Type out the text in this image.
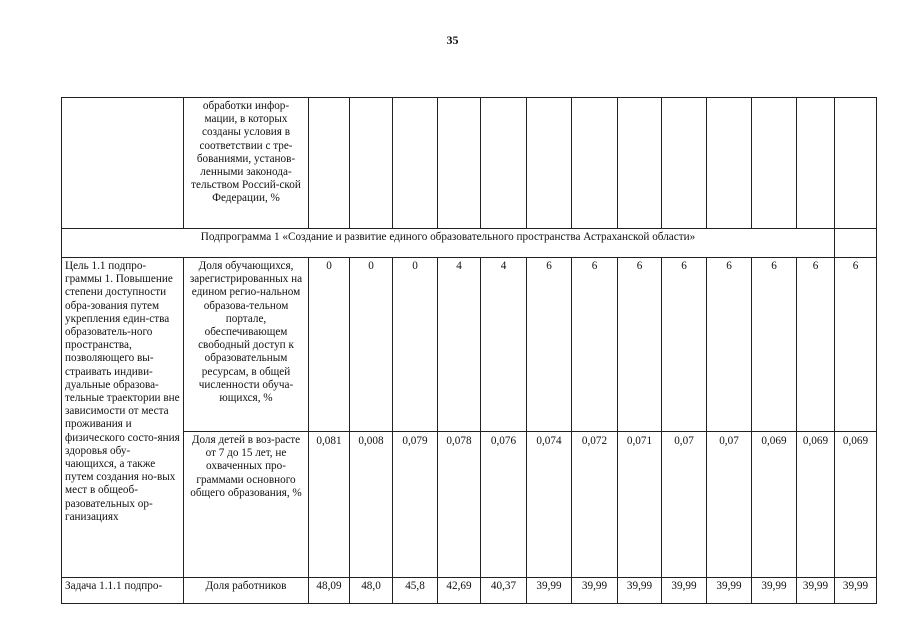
35
	обработки инфор-мации, в которых созданы условия в соответствии с тре-бованиями, установ-ленными законода-тельством Россий-ской Федерации, %													
Подпрограмма 1 «Создание и развитие единого образовательного пространства Астраханской области»														
Цель 1.1 подпро-граммы 1. Повышение степени доступности обра-зования путем укрепления един-ства образователь-ного пространства, позволяющего вы-страивать индиви-дуальные образова-тельные траектории вне зависимости от места проживания и физического состо-яния здоровья обу-чающихся, а также путем создания но-вых мест в общеоб-разовательных ор-ганизациях	Доля обучающихся, зарегистрированных на едином регио-нальном образова-тельном портале, обеспечивающем свободный доступ к образовательным ресурсам, в общей численности обуча-ющихся, %	0	0	0	4	4	6	6	6	6	6	6	6	6
	Доля детей в воз-расте от 7 до 15 лет, не охваченных про-граммами основного общего образования, %	0,081	0,008	0,079	0,078	0,076	0,074	0,072	0,071	0,07	0,07	0,069	0,069	0,069
Задача 1.1.1 подпро-	Доля работников	48,09	48,0	45,8	42,69	40,37	39,99	39,99	39,99	39,99	39,99	39,99	39,99	39,99
